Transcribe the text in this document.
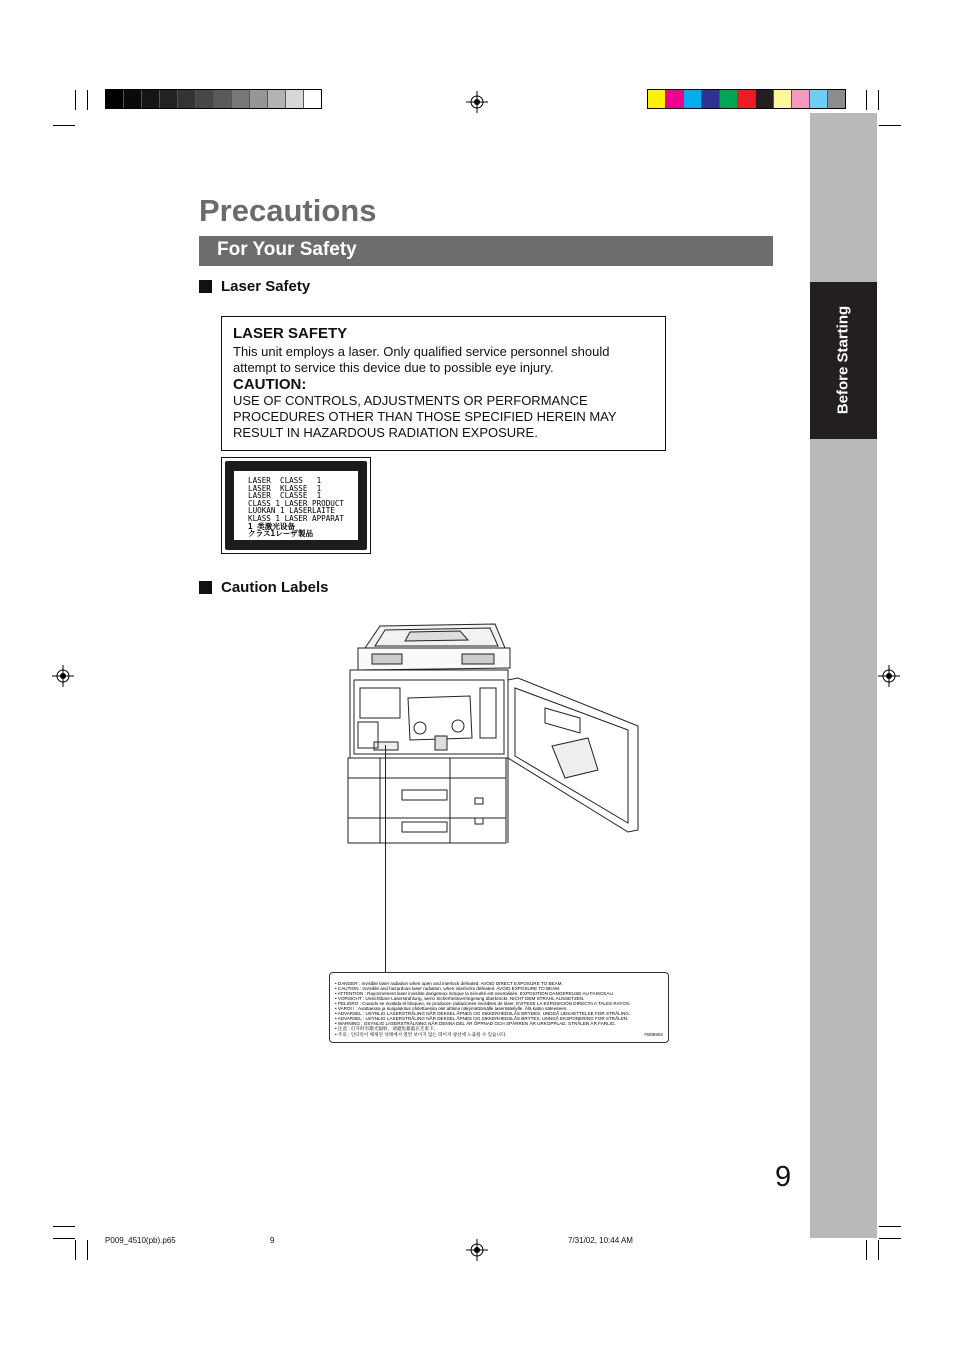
Before Starting
Precautions
For Your Safety
Laser Safety
LASER SAFETY
This unit employs a laser. Only qualified service personnel should attempt to service this device due to possible eye injury.
CAUTION:
USE OF CONTROLS, ADJUSTMENTS OR PERFORMANCE PROCEDURES OTHER THAN THOSE SPECIFIED HEREIN MAY RESULT IN HAZARDOUS RADIATION EXPOSURE.
LASER  CLASS   1
LASER  KLASSE  1
LASER  CLASSE  1
CLASS 1 LASER PRODUCT
LUOKAN 1 LASERLAITE
KLASS 1 LASER APPARAT
1 类激光设备
クラス1レーザ製品
Caution Labels
• DANGER : Invisible laser radiation when open and interlock defeated. AVOID DIRECT EXPOSURE TO BEAM.
• CAUTION : Invisible and hazardous laser radiation, when interlocks defeated. AVOID EXPOSURE TO BEAM.
• ATTENTION : Rayonnement laser invisible dangereux lorsque la sécurité est neutralisée. EXPOSITION DANGEREUSE AU FAISCEAU.
• VORSICHT : Unsichtbare Laserstrahlung, wenn Sicherheitsverriegelung überbrückt. NICHT DEM STRAHL AUSSETZEN.
• PELIGRO : Cuando se invalida el bloqueo, se producen radiaciones invisibles de láser. EVITESE LA EXPOSICIÓN DIRECTA A TALES RAYOS.
• VAROI ! : Avattaessa ja suojalukitus ohitettaessa olet alttiina näkymättömälle lasersäteilylle. Älä katso säteeseen.
• ADVARSEL : USYNLIG LASERSTRÅLING NÅR DEKSEL ÅPNES OG SIKKERHEDSLÅS BRYDES. UNDGÅ UDSAETTELSE FOR STRÅLING.
• ADVARSEL : USYNLIG LASERSTRÅLING NÅR DEKSEL ÅPNES OG SIKKERHEDSLÅS BRYTES. UNNGÅ EKSPONERING FOR STRÅLEN.
• WARNING : OSYNLIG LASERSTRÅLNING NÄR DENNA DEL ÄR ÖPPNAD OCH SPÄRREN ÄR URKOPPLAD. STRÅLEN ÄR FARLIG.
• 注意 : 打开时有激光辐射，请避免暴露在光束下。
• 주의 : 인터록이 해제된 상태에서 열면 보이지 않는 레이저 광선에 노출될 수 있습니다.	FB88902
9
P009_4510(pb).p65	9	7/31/02, 10:44 AM
